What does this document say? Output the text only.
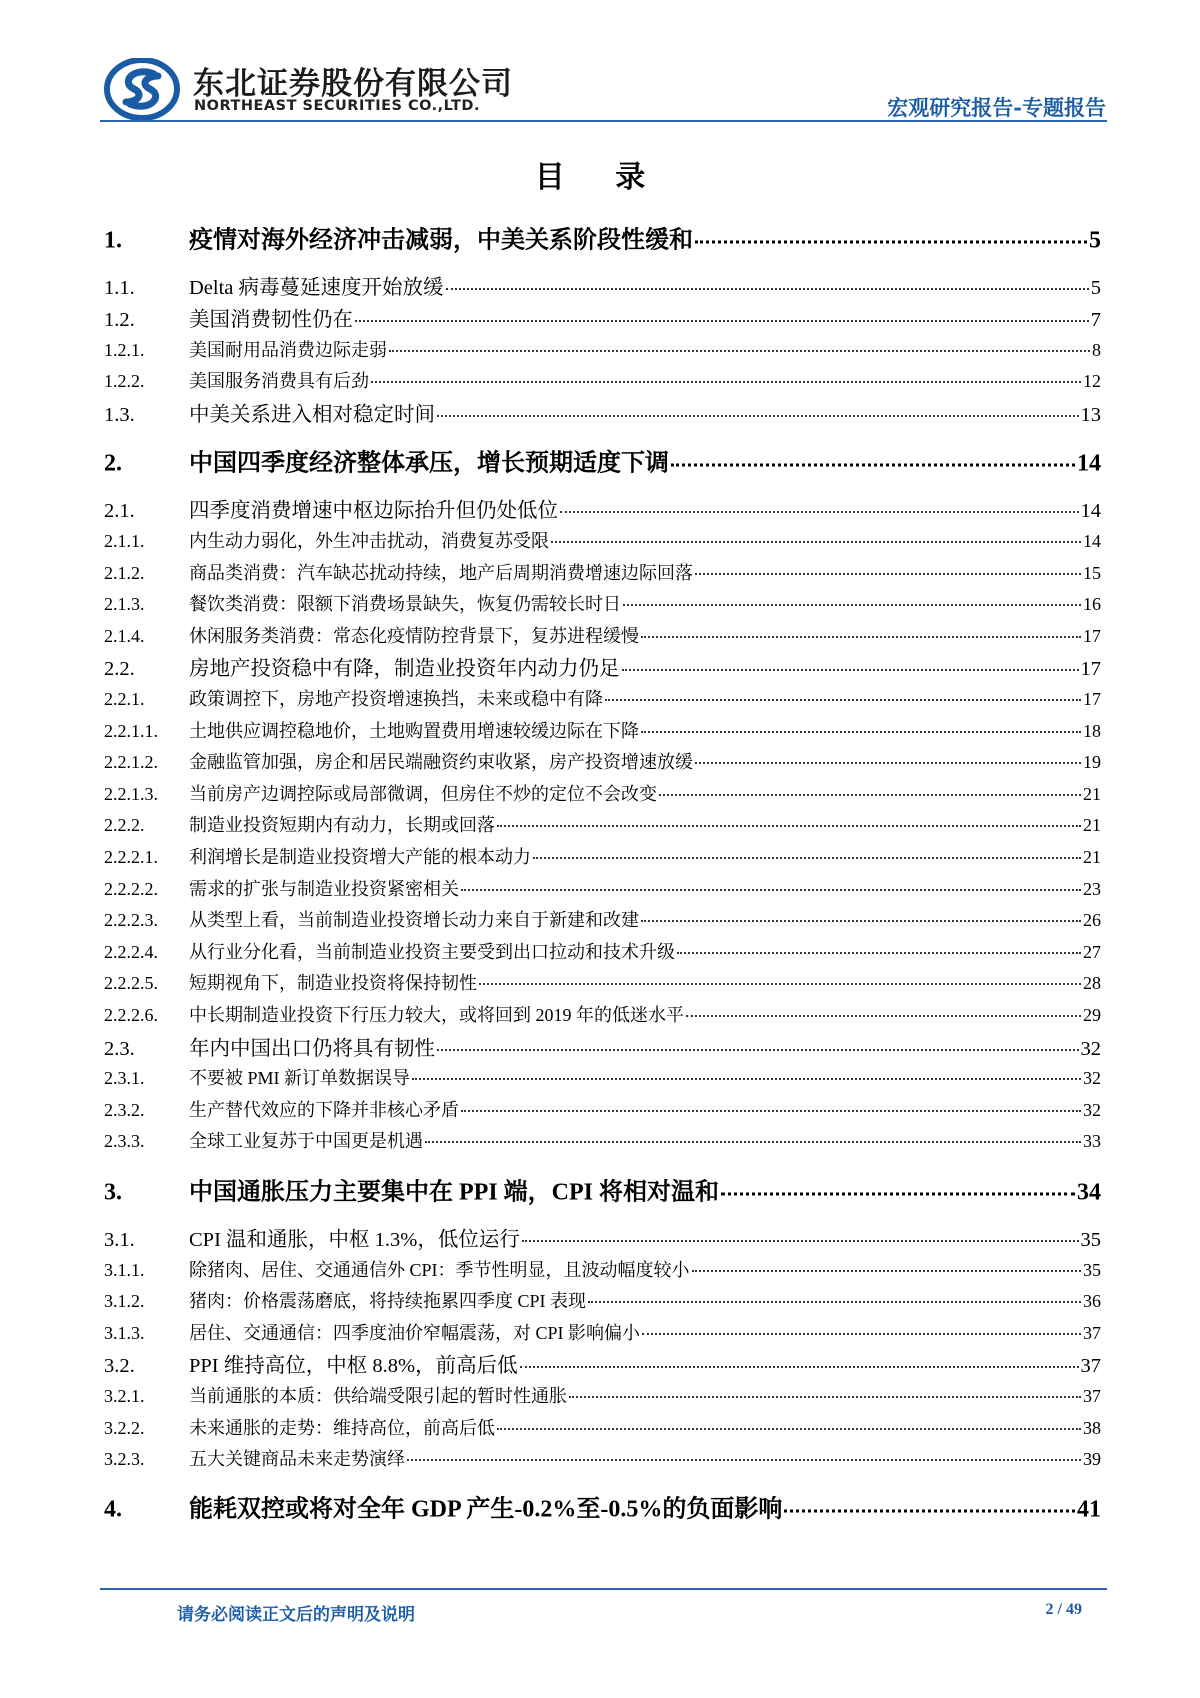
东北证券股份有限公司
NORTHEAST SECURITIES CO.,LTD.	宏观研究报告-专题报告
目 录
1.	疫情对海外经济冲击减弱，中美关系阶段性缓和	5
1.1.	Delta 病毒蔓延速度开始放缓	5
1.2.	美国消费韧性仍在	7
1.2.1.	美国耐用品消费边际走弱	8
1.2.2.	美国服务消费具有后劲	12
1.3.	中美关系进入相对稳定时间	13
2.	中国四季度经济整体承压，增长预期适度下调	14
2.1.	四季度消费增速中枢边际抬升但仍处低位	14
2.1.1.	内生动力弱化，外生冲击扰动，消费复苏受限	14
2.1.2.	商品类消费：汽车缺芯扰动持续，地产后周期消费增速边际回落	15
2.1.3.	餐饮类消费：限额下消费场景缺失，恢复仍需较长时日	16
2.1.4.	休闲服务类消费：常态化疫情防控背景下，复苏进程缓慢	17
2.2.	房地产投资稳中有降，制造业投资年内动力仍足	17
2.2.1.	政策调控下，房地产投资增速换挡，未来或稳中有降	17
2.2.1.1.	土地供应调控稳地价，土地购置费用增速较缓边际在下降	18
2.2.1.2.	金融监管加强，房企和居民端融资约束收紧，房产投资增速放缓	19
2.2.1.3.	当前房产边调控际或局部微调，但房住不炒的定位不会改变	21
2.2.2.	制造业投资短期内有动力，长期或回落	21
2.2.2.1.	利润增长是制造业投资增大产能的根本动力	21
2.2.2.2.	需求的扩张与制造业投资紧密相关	23
2.2.2.3.	从类型上看，当前制造业投资增长动力来自于新建和改建	26
2.2.2.4.	从行业分化看，当前制造业投资主要受到出口拉动和技术升级	27
2.2.2.5.	短期视角下，制造业投资将保持韧性	28
2.2.2.6.	中长期制造业投资下行压力较大，或将回到 2019 年的低迷水平	29
2.3.	年内中国出口仍将具有韧性	32
2.3.1.	不要被 PMI 新订单数据误导	32
2.3.2.	生产替代效应的下降并非核心矛盾	32
2.3.3.	全球工业复苏于中国更是机遇	33
3.	中国通胀压力主要集中在 PPI 端，CPI 将相对温和	34
3.1.	CPI 温和通胀，中枢 1.3%，低位运行	35
3.1.1.	除猪肉、居住、交通通信外 CPI：季节性明显，且波动幅度较小	35
3.1.2.	猪肉：价格震荡磨底，将持续拖累四季度 CPI 表现	36
3.1.3.	居住、交通通信：四季度油价窄幅震荡，对 CPI 影响偏小	37
3.2.	PPI 维持高位，中枢 8.8%，前高后低	37
3.2.1.	当前通胀的本质：供给端受限引起的暂时性通胀	37
3.2.2.	未来通胀的走势：维持高位，前高后低	38
3.2.3.	五大关键商品未来走势演绎	39
4.	能耗双控或将对全年 GDP 产生-0.2%至-0.5%的负面影响	41
请务必阅读正文后的声明及说明	2 / 49
